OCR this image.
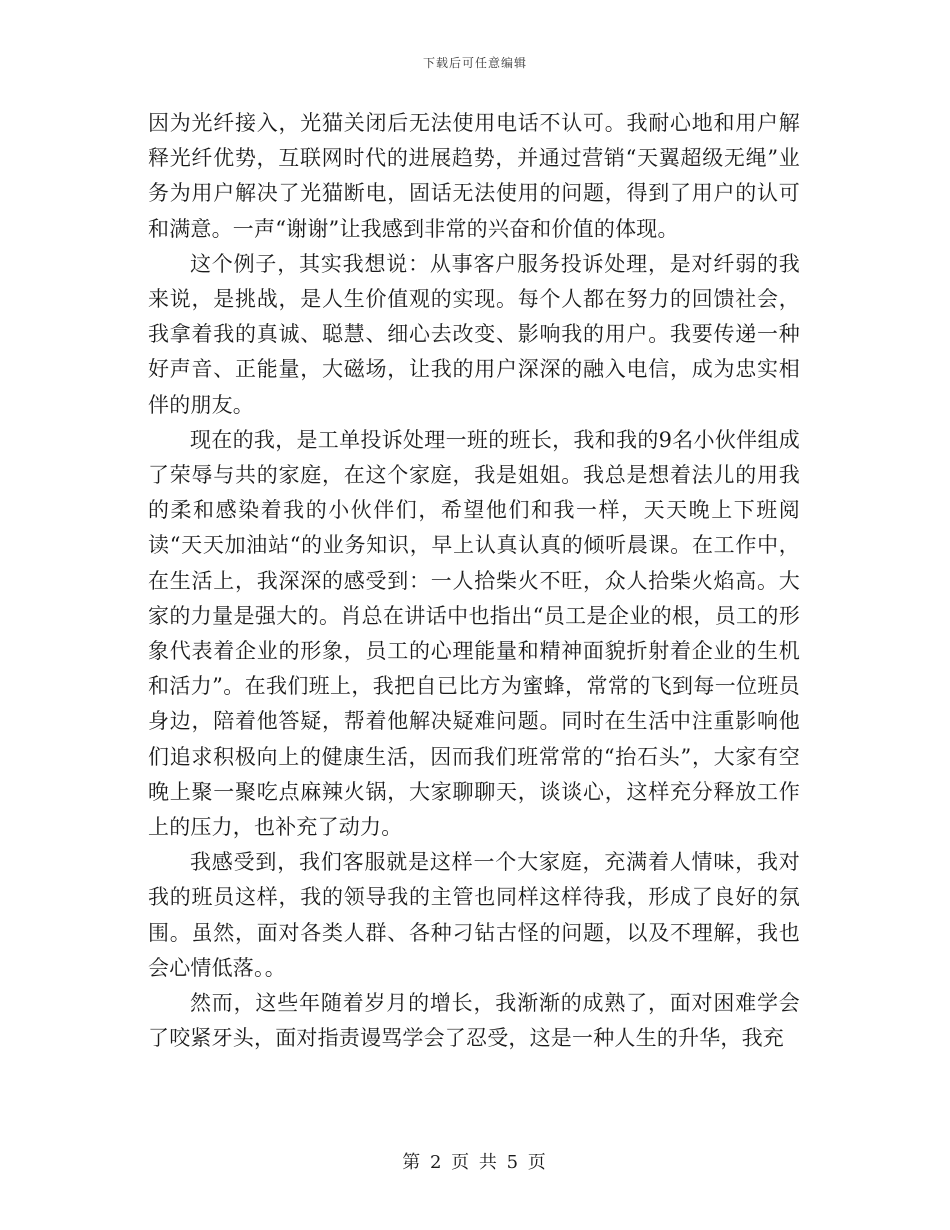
下载后可任意编辑

因为光纤接入，光猫关闭后无法使用电话不认可。我耐心地和用户解释光纤优势，互联网时代的进展趋势，并通过营销“天翼超级无绳”业务为用户解决了光猫断电，固话无法使用的问题，得到了用户的认可和满意。一声“谢谢”让我感到非常的兴奋和价值的体现。

这个例子，其实我想说：从事客户服务投诉处理，是对纤弱的我来说，是挑战，是人生价值观的实现。每个人都在努力的回馈社会，我拿着我的真诚、聪慧、细心去改变、影响我的用户。我要传递一种好声音、正能量，大磁场，让我的用户深深的融入电信，成为忠实相伴的朋友。

现在的我，是工单投诉处理一班的班长，我和我的9名小伙伴组成了荣辱与共的家庭，在这个家庭，我是姐姐。我总是想着法儿的用我的柔和感染着我的小伙伴们，希望他们和我一样，天天晚上下班阅读“天天加油站“的业务知识，早上认真认真的倾听晨课。在工作中，在生活上，我深深的感受到：一人拾柴火不旺，众人拾柴火焰高。大家的力量是强大的。肖总在讲话中也指出“员工是企业的根，员工的形象代表着企业的形象，员工的心理能量和精神面貌折射着企业的生机和活力”。在我们班上，我把自已比方为蜜蜂，常常的飞到每一位班员身边，陪着他答疑，帮着他解决疑难问题。同时在生活中注重影响他们追求积极向上的健康生活，因而我们班常常的“抬石头”，大家有空晚上聚一聚吃点麻辣火锅，大家聊聊天，谈谈心，这样充分释放工作上的压力，也补充了动力。

我感受到，我们客服就是这样一个大家庭，充满着人情味，我对我的班员这样，我的领导我的主管也同样这样待我，形成了良好的氛围。虽然，面对各类人群、各种刁钻古怪的问题，以及不理解，我也会心情低落。。

然而，这些年随着岁月的增长，我渐渐的成熟了，面对困难学会了咬紧牙头，面对指责谩骂学会了忍受，这是一种人生的升华，我充

第 2 页 共 5 页
